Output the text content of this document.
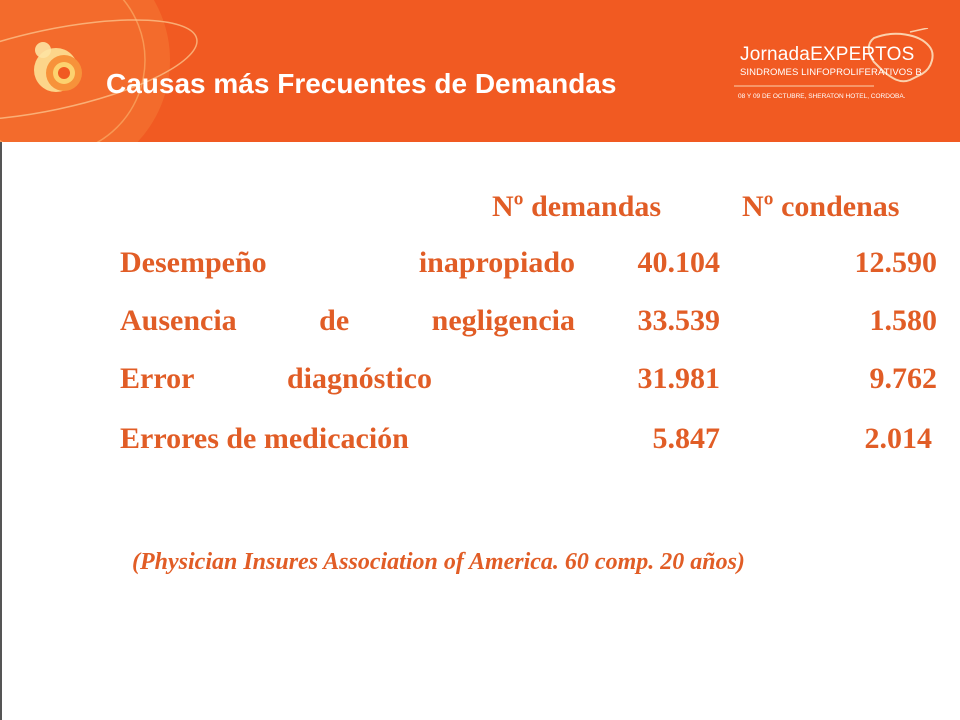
Causas más Frecuentes de Demandas
JornadaEXPERTOS
SINDROMES LINFOPROLIFERATIVOS B
08 Y 09 DE OCTUBRE, SHERATON HOTEL, CORDOBA.
Nº demandas	Nº condenas
Desempeño inapropiado 40.104	12.590
Ausencia de negligencia 33.539	1.580
Error diagnóstico	31.981	9.762
Errores de medicación	5.847	2.014
(Physician Insures Association of America. 60 comp. 20 años)
